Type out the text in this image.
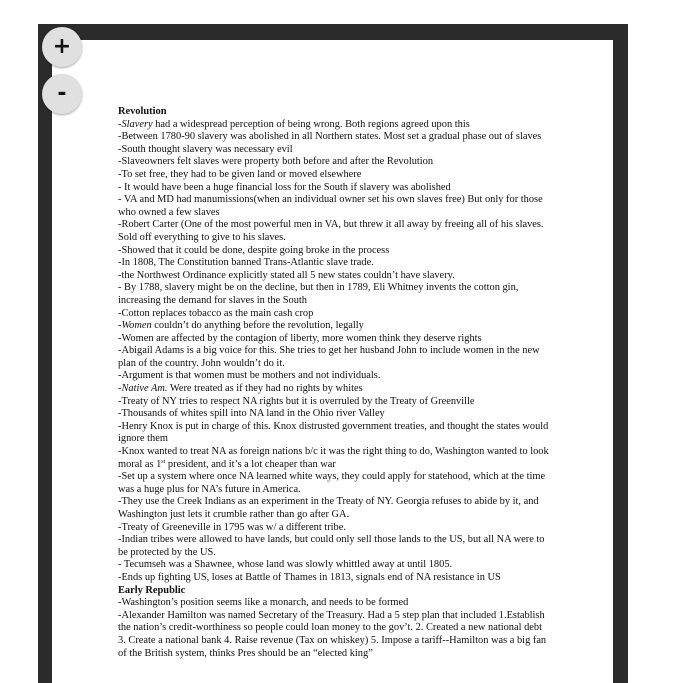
+
-

Revolution

-Slavery had a widespread perception of being wrong. Both regions agreed upon this

-Between 1780-90 slavery was abolished in all Northern states. Most set a gradual phase out of slaves

-South thought slavery was necessary evil

-Slaveowners felt slaves were property both before and after the Revolution

-To set free, they had to be given land or moved elsewhere

- It would have been a huge financial loss for the South if slavery was abolished

- VA and MD had manumissions(when an individual owner set his own slaves free) But only for those who owned a few slaves

-Robert Carter (One of the most powerful men in VA, but threw it all away by freeing all of his slaves. Sold off everything to give to his slaves.

-Showed that it could be done, despite going broke in the process

-In 1808, The Constitution banned Trans-Atlantic slave trade.

-the Northwest Ordinance explicitly stated all 5 new states couldn’t have slavery.

- By 1788, slavery might be on the decline, but then in 1789, Eli Whitney invents the cotton gin, increasing the demand for slaves in the South

-Cotton replaces tobacco as the main cash crop

-Women couldn’t do anything before the revolution, legally

-Women are affected by the contagion of liberty, more women think they deserve rights

-Abigail Adams is a big voice for this. She tries to get her husband John to include women in the new plan of the country. John wouldn’t do it.

-Argument is that women must be mothers and not individuals.

-Native Am. Were treated as if they had no rights by whites

-Treaty of NY tries to respect NA rights but it is overruled by the Treaty of Greenville

-Thousands of whites spill into NA land in the Ohio river Valley

-Henry Knox is put in charge of this. Knox distrusted government treaties, and thought the states would ignore them

-Knox wanted to treat NA as foreign nations b/c it was the right thing to do, Washington wanted to look moral as 1st president, and it’s a lot cheaper than war

-Set up a system where once NA learned white ways, they could apply for statehood, which at the time was a huge plus for NA’s future in America.

-They use the Creek Indians as an experiment in the Treaty of NY. Georgia refuses to abide by it, and Washington just lets it crumble rather than go after GA.

-Treaty of Greeneville in 1795 was w/ a different tribe.

-Indian tribes were allowed to have lands, but could only sell those lands to the US, but all NA were to be protected by the US.

- Tecumseh was a Shawnee, whose land was slowly whittled away at until 1805.

-Ends up fighting US, loses at Battle of Thames in 1813, signals end of NA resistance in US

Early Republic

-Washington’s position seems like a monarch, and needs to be formed

-Alexander Hamilton was named Secretary of the Treasury. Had a 5 step plan that included 1.Establish the nation’s credit-worthiness so people could loan money to the gov’t. 2. Created a new national debt 3. Create a national bank 4. Raise revenue (Tax on whiskey) 5. Impose a tariff--Hamilton was a big fan of the British system, thinks Pres should be an “elected king”
